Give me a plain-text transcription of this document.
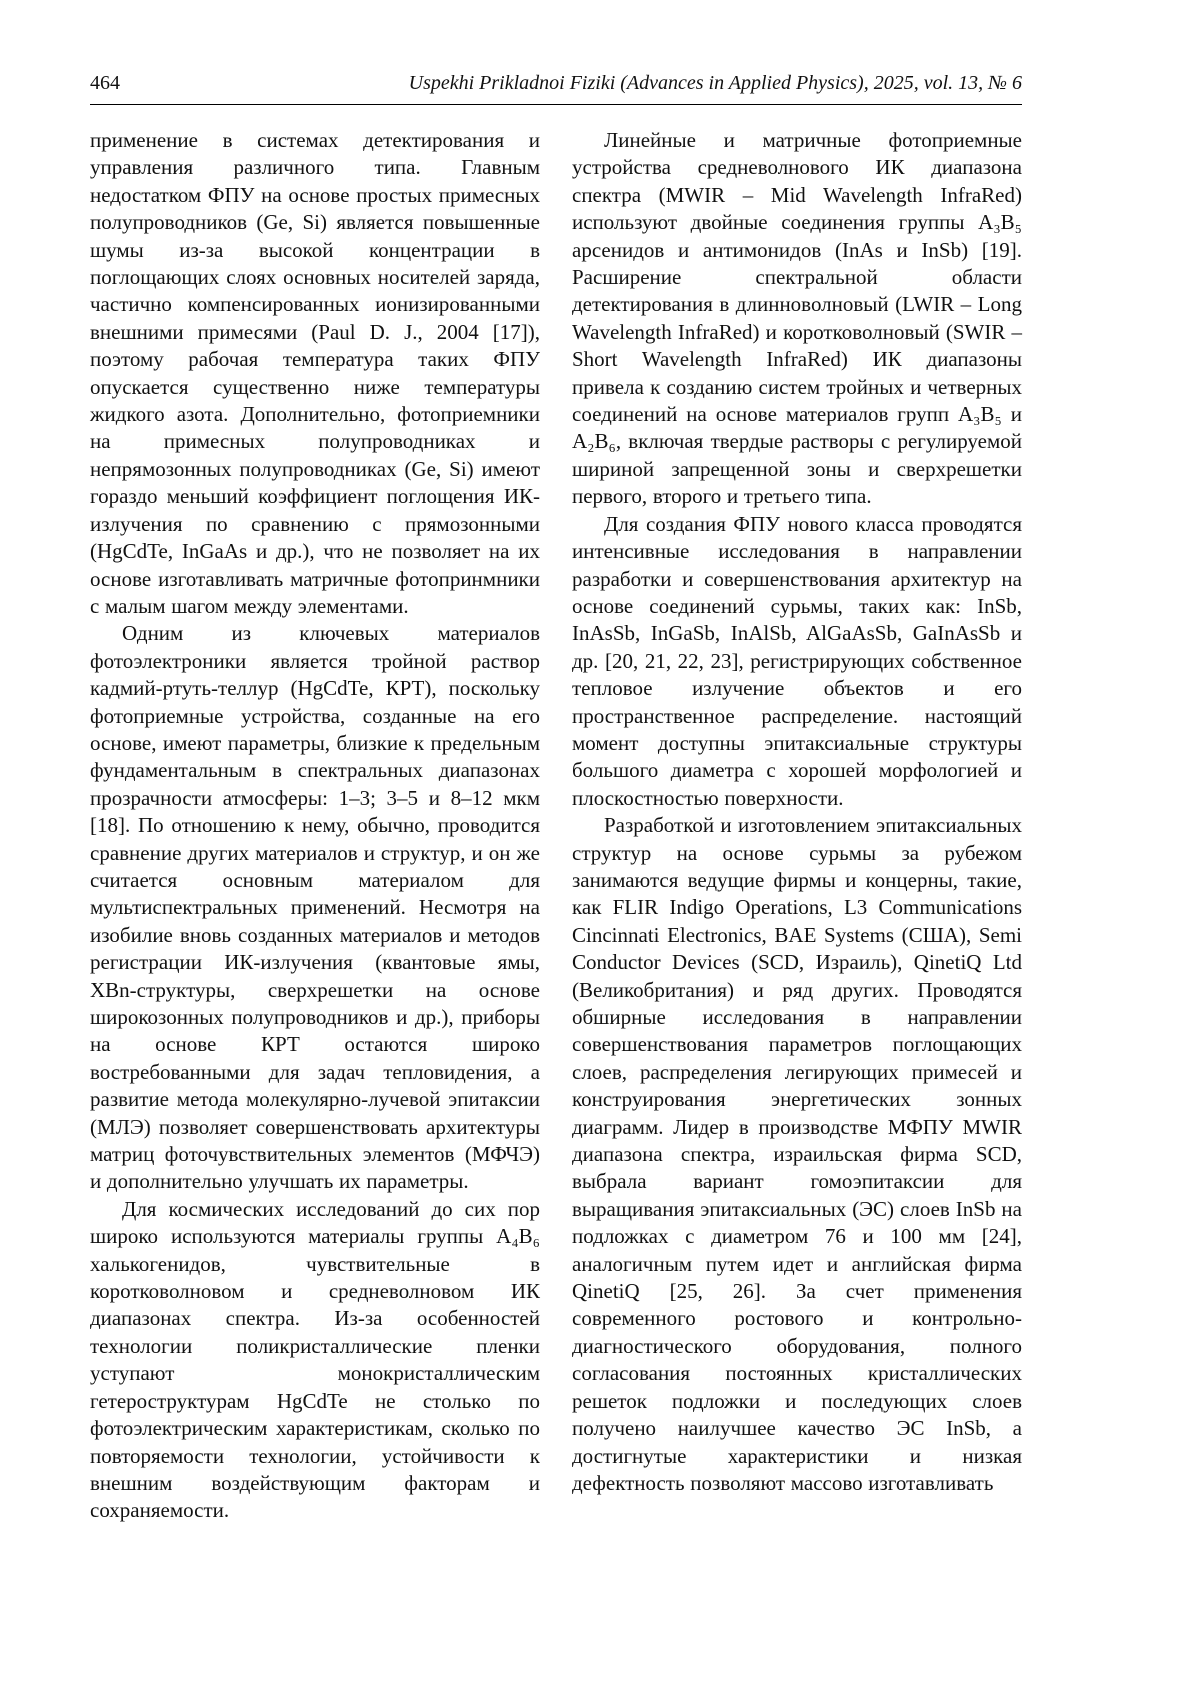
464	Uspekhi Prikladnoi Fiziki (Advances in Applied Physics), 2025, vol. 13, № 6

применение в системах детектирования и управления различного типа. Главным недостатком ФПУ на основе простых примесных полупроводников (Ge, Si) является повышенные шумы из-за высокой концентрации в поглощающих слоях основных носителей заряда, частично компенсированных ионизированными внешними примесями (Paul D. J., 2004 [17]), поэтому рабочая температура таких ФПУ опускается существенно ниже температуры жидкого азота. Дополнительно, фотоприемники на примесных полупроводниках и непрямозонных полупроводниках (Ge, Si) имеют гораздо меньший коэффициент поглощения ИК-излучения по сравнению с прямозонными (HgCdTe, InGaAs и др.), что не позволяет на их основе изготавливать матричные фотопринмники с малым шагом между элементами.

Одним из ключевых материалов фотоэлектроники является тройной раствор кадмий-ртуть-теллур (HgCdTe, КРТ), поскольку фотоприемные устройства, созданные на его основе, имеют параметры, близкие к предельным фундаментальным в спектральных диапазонах прозрачности атмосферы: 1–3; 3–5 и 8–12 мкм [18]. По отношению к нему, обычно, проводится сравнение других материалов и структур, и он же считается основным материалом для мультиспектральных применений. Несмотря на изобилие вновь созданных материалов и методов регистрации ИК-излучения (квантовые ямы, XBn-структуры, сверхрешетки на основе широкозонных полупроводников и др.), приборы на основе КРТ остаются широко востребованными для задач тепловидения, а развитие метода молекулярно-лучевой эпитаксии (МЛЭ) позволяет совершенствовать архитектуры матриц фоточувствительных элементов (МФЧЭ) и дополнительно улучшать их параметры.

Для космических исследований до сих пор широко используются материалы группы A₄B₆ халькогенидов, чувствительные в коротковолновом и средневолновом ИК диапазонах спектра. Из-за особенностей технологии поликристаллические пленки уступают монокристаллическим гетероструктурам HgCdTe не столько по фотоэлектрическим характеристикам, сколько по повторяемости технологии, устойчивости к внешним воздействующим факторам и сохраняемости.

Линейные и матричные фотоприемные устройства средневолнового ИК диапазона спектра (MWIR – Mid Wavelength InfraRed) используют двойные соединения группы A₃B₅ арсенидов и антимонидов (InAs и InSb) [19]. Расширение спектральной области детектирования в длинноволновый (LWIR – Long Wavelength InfraRed) и коротковолновый (SWIR – Short Wavelength InfraRed) ИК диапазоны привела к созданию систем тройных и четверных соединений на основе материалов групп A₃B₅ и A₂B₆, включая твердые растворы с регулируемой шириной запрещенной зоны и сверхрешетки первого, второго и третьего типа.

Для создания ФПУ нового класса проводятся интенсивные исследования в направлении разработки и совершенствования архитектур на основе соединений сурьмы, таких как: InSb, InAsSb, InGaSb, InAlSb, AlGaAsSb, GaInAsSb и др. [20, 21, 22, 23], регистрирующих собственное тепловое излучение объектов и его пространственное распределение. настоящий момент доступны эпитаксиальные структуры большого диаметра с хорошей морфологией и плоскостностью поверхности.

Разработкой и изготовлением эпитаксиальных структур на основе сурьмы за рубежом занимаются ведущие фирмы и концерны, такие, как FLIR Indigo Operations, L3 Communications Cincinnati Electronics, BAE Systems (США), Semi Conductor Devices (SCD, Израиль), QinetiQ Ltd (Великобритания) и ряд других. Проводятся обширные исследования в направлении совершенствования параметров поглощающих слоев, распределения легирующих примесей и конструирования энергетических зонных диаграмм. Лидер в производстве МФПУ MWIR диапазона спектра, израильская фирма SCD, выбрала вариант гомоэпитаксии для выращивания эпитаксиальных (ЭС) слоев InSb на подложках с диаметром 76 и 100 мм [24], аналогичным путем идет и английская фирма QinetiQ [25, 26]. За счет применения современного ростового и контрольно-диагностического оборудования, полного согласования постоянных кристаллических решеток подложки и последующих слоев получено наилучшее качество ЭС InSb, а достигнутые характеристики и низкая дефектность позволяют массово изготавливать
